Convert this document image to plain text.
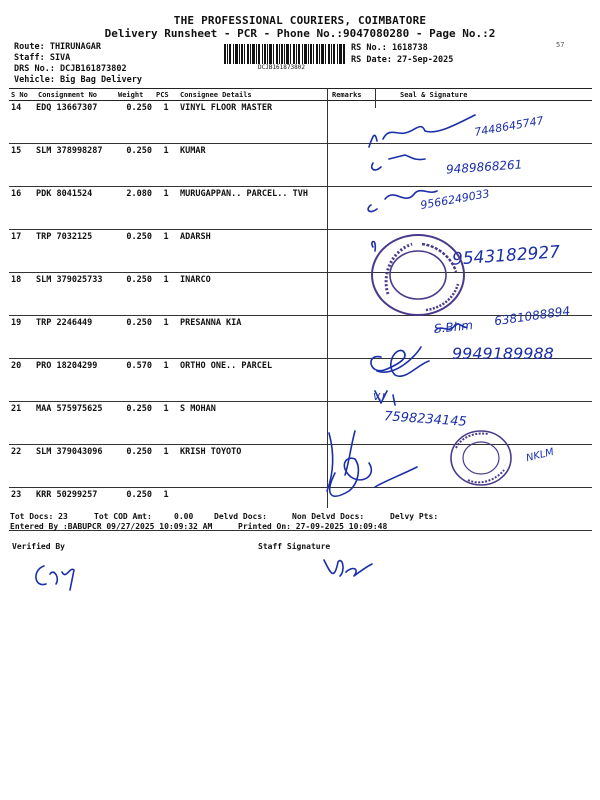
THE PROFESSIONAL COURIERS, COIMBATORE
Delivery Runsheet - PCR - Phone No.:9047080280 - Page No.:2
Route: THIRUNAGAR
Staff: SIVA
DRS No.: DCJB161873802
Vehicle: Big Bag Delivery
RS No.: 1618738
RS Date: 27-Sep-2025
57
DCJB161873802
S No	Consignment No	Weight	PCS	Consignee Details	Remarks	Seal & Signature
14	EDQ 13667307	0.250	1	VINYL FLOOR MASTER		
15	SLM 378998287	0.250	1	KUMAR		
16	PDK 8041524	2.080	1	MURUGAPPAN.. PARCEL.. TVH		
17	TRP 7032125	0.250	1	ADARSH		
18	SLM 379025733	0.250	1	INARCO		
19	TRP 2246449	0.250	1	PRESANNA KIA		
20	PRO 18204299	0.570	1	ORTHO ONE.. PARCEL		
21	MAA 575975625	0.250	1	S MOHAN		
22	SLM 379043096	0.250	1	KRISH TOYOTO		
23	KRR 50299257	0.250	1			
7448645747
9489868261
9566249033
9543182927
6381088894
9949189988
7598234145
V.J
S.Bhm
NKLM
Tot Docs: 23	Tot COD Amt:	0.00	Delvd Docs:	Non Delvd Docs:	Delvy Pts:
Entered By :BABUPCR 09/27/2025 10:09:32 AM	Printed On: 27-09-2025 10:09:48
Verified By	Staff Signature
